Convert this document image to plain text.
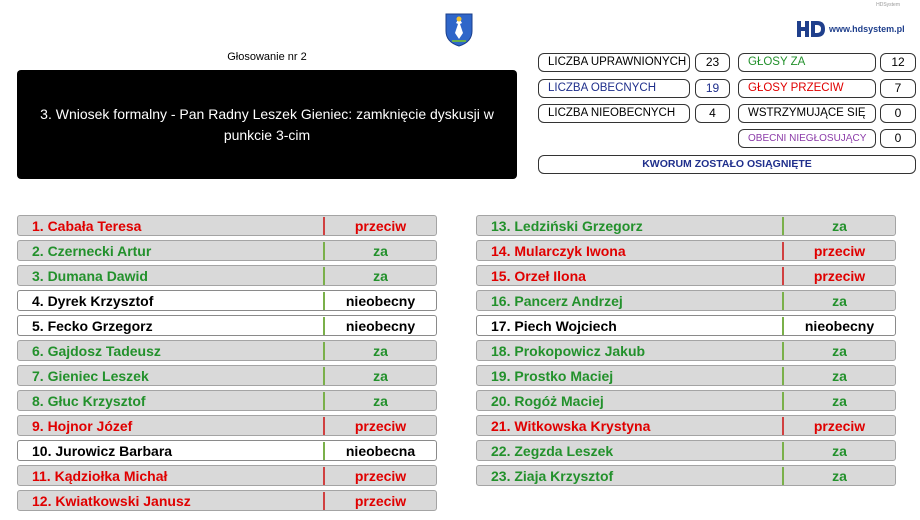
HDSystem
www.hdsystem.pl
Głosowanie nr 2
3. Wniosek formalny - Pan Radny Leszek Gieniec: zamknięcie dyskusji w punkcie 3-cim
LICZBA UPRAWNIONYCH	23
LICZBA OBECNYCH	19
LICZBA NIEOBECNYCH	4
GŁOSY ZA	12
GŁOSY PRZECIW	7
WSTRZYMUJĄCE SIĘ	0
OBECNI NIEGŁOSUJĄCY	0
KWORUM ZOSTAŁO OSIĄGNIĘTE
1. Cabała Teresa	przeciw
2. Czernecki Artur	za
3. Dumana Dawid	za
4. Dyrek Krzysztof	nieobecny
5. Fecko Grzegorz	nieobecny
6. Gajdosz Tadeusz	za
7. Gieniec Leszek	za
8. Głuc Krzysztof	za
9. Hojnor Józef	przeciw
10. Jurowicz Barbara	nieobecna
11. Kądziołka Michał	przeciw
12. Kwiatkowski Janusz	przeciw
13. Ledziński Grzegorz	za
14. Mularczyk Iwona	przeciw
15. Orzeł Ilona	przeciw
16. Pancerz Andrzej	za
17. Piech Wojciech	nieobecny
18. Prokopowicz Jakub	za
19. Prostko Maciej	za
20. Rogóż Maciej	za
21. Witkowska Krystyna	przeciw
22. Zegzda Leszek	za
23. Ziaja Krzysztof	za
